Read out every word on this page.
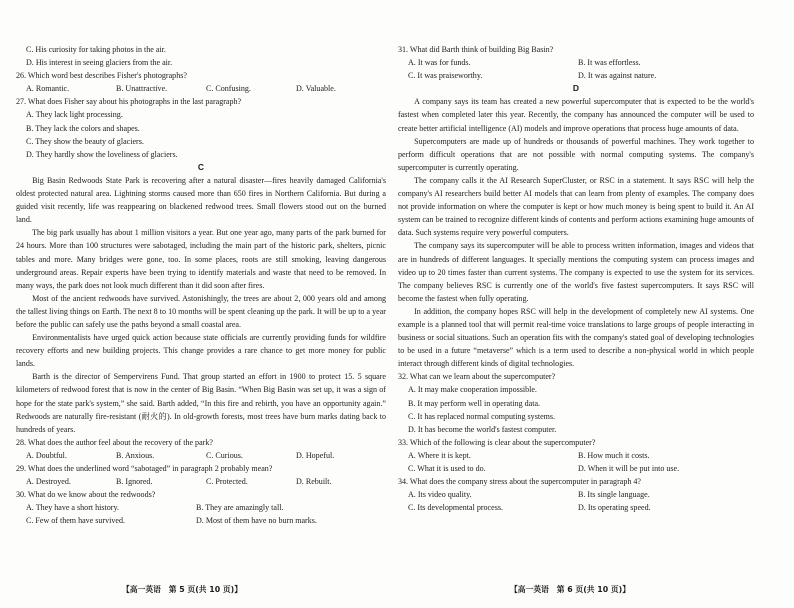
C. His curiosity for taking photos in the air.

D. His interest in seeing glaciers from the air.

26. Which word best describes Fisher's photographs?

A. Romantic.	B. Unattractive.	C. Confusing.	D. Valuable.

27. What does Fisher say about his photographs in the last paragraph?

A. They lack light processing.

B. They lack the colors and shapes.

C. They show the beauty of glaciers.

D. They hardly show the loveliness of glaciers.

C

Big Basin Redwoods State Park is recovering after a natural disaster—fires heavily damaged California's oldest protected natural area. Lightning storms caused more than 650 fires in Northern California. But during a guided visit recently, life was reappearing on blackened redwood trees. Small flowers stood out on the burned land.

The big park usually has about 1 million visitors a year. But one year ago, many parts of the park burned for 24 hours. More than 100 structures were sabotaged, including the main part of the historic park, shelters, picnic tables and more. Many bridges were gone, too. In some places, roots are still smoking, leaving dangerous underground areas. Repair experts have been trying to identify materials and waste that need to be removed. In many ways, the park does not look much different than it did soon after fires.

Most of the ancient redwoods have survived. Astonishingly, the trees are about 2, 000 years old and among the tallest living things on Earth. The next 8 to 10 months will be spent cleaning up the park. It will be up to a year before the public can safely use the paths beyond a small coastal area.

Environmentalists have urged quick action because state officials are currently providing funds for wildfire recovery efforts and new building projects. This change provides a rare chance to get more money for public lands.

Barth is the director of Sempervirens Fund. That group started an effort in 1900 to protect 15. 5 square kilometers of redwood forest that is now in the center of Big Basin. “When Big Basin was set up, it was a sign of hope for the state park's system,” she said. Barth added, “In this fire and rebirth, you have an opportunity again.” Redwoods are naturally fire-resistant (耐火的). In old-growth forests, most trees have burn marks dating back to hundreds of years.

28. What does the author feel about the recovery of the park?

A. Doubtful.	B. Anxious.	C. Curious.	D. Hopeful.

29. What does the underlined word “sabotaged” in paragraph 2 probably mean?

A. Destroyed.	B. Ignored.	C. Protected.	D. Rebuilt.

30. What do we know about the redwoods?

A. They have a short history.	B. They are amazingly tall.
C. Few of them have survived.	D. Most of them have no burn marks.

31. What did Barth think of building Big Basin?

A. It was for funds.	B. It was effortless.
C. It was praiseworthy.	D. It was against nature.

D

A company says its team has created a new powerful supercomputer that is expected to be the world's fastest when completed later this year. Recently, the company has announced the computer will be used to create better artificial intelligence (AI) models and improve operations that process huge amounts of data.

Supercomputers are made up of hundreds or thousands of powerful machines. They work together to perform difficult operations that are not possible with normal computing systems. The company's supercomputer is currently operating.

The company calls it the AI Research SuperCluster, or RSC in a statement. It says RSC will help the company's AI researchers build better AI models that can learn from plenty of examples. The company does not provide information on where the computer is kept or how much money is being spent to build it. An AI system can be trained to recognize different kinds of contents and perform actions examining huge amounts of data. Such systems require very powerful computers.

The company says its supercomputer will be able to process written information, images and videos that are in hundreds of different languages. It specially mentions the computing system can process images and video up to 20 times faster than current systems. The company is expected to use the system for its services. The company believes RSC is currently one of the world's five fastest supercomputers. It says RSC will become the fastest when fully operating.

In addition, the company hopes RSC will help in the development of completely new AI systems. One example is a planned tool that will permit real-time voice translations to large groups of people interacting in business or social situations. Such an operation fits with the company's stated goal of developing technologies to be used in a future “metaverse” which is a term used to describe a non-physical world in which people interact through different kinds of digital technologies.

32. What can we learn about the supercomputer?

A. It may make cooperation impossible.

B. It may perform well in operating data.

C. It has replaced normal computing systems.

D. It has become the world's fastest computer.

33. Which of the following is clear about the supercomputer?

A. Where it is kept.	B. How much it costs.
C. What it is used to do.	D. When it will be put into use.

34. What does the company stress about the supercomputer in paragraph 4?

A. Its video quality.	B. Its single language.
C. Its developmental process.	D. Its operating speed.
【高一英语　第 5 页(共 10 页)】	【高一英语　第 6 页(共 10 页)】
